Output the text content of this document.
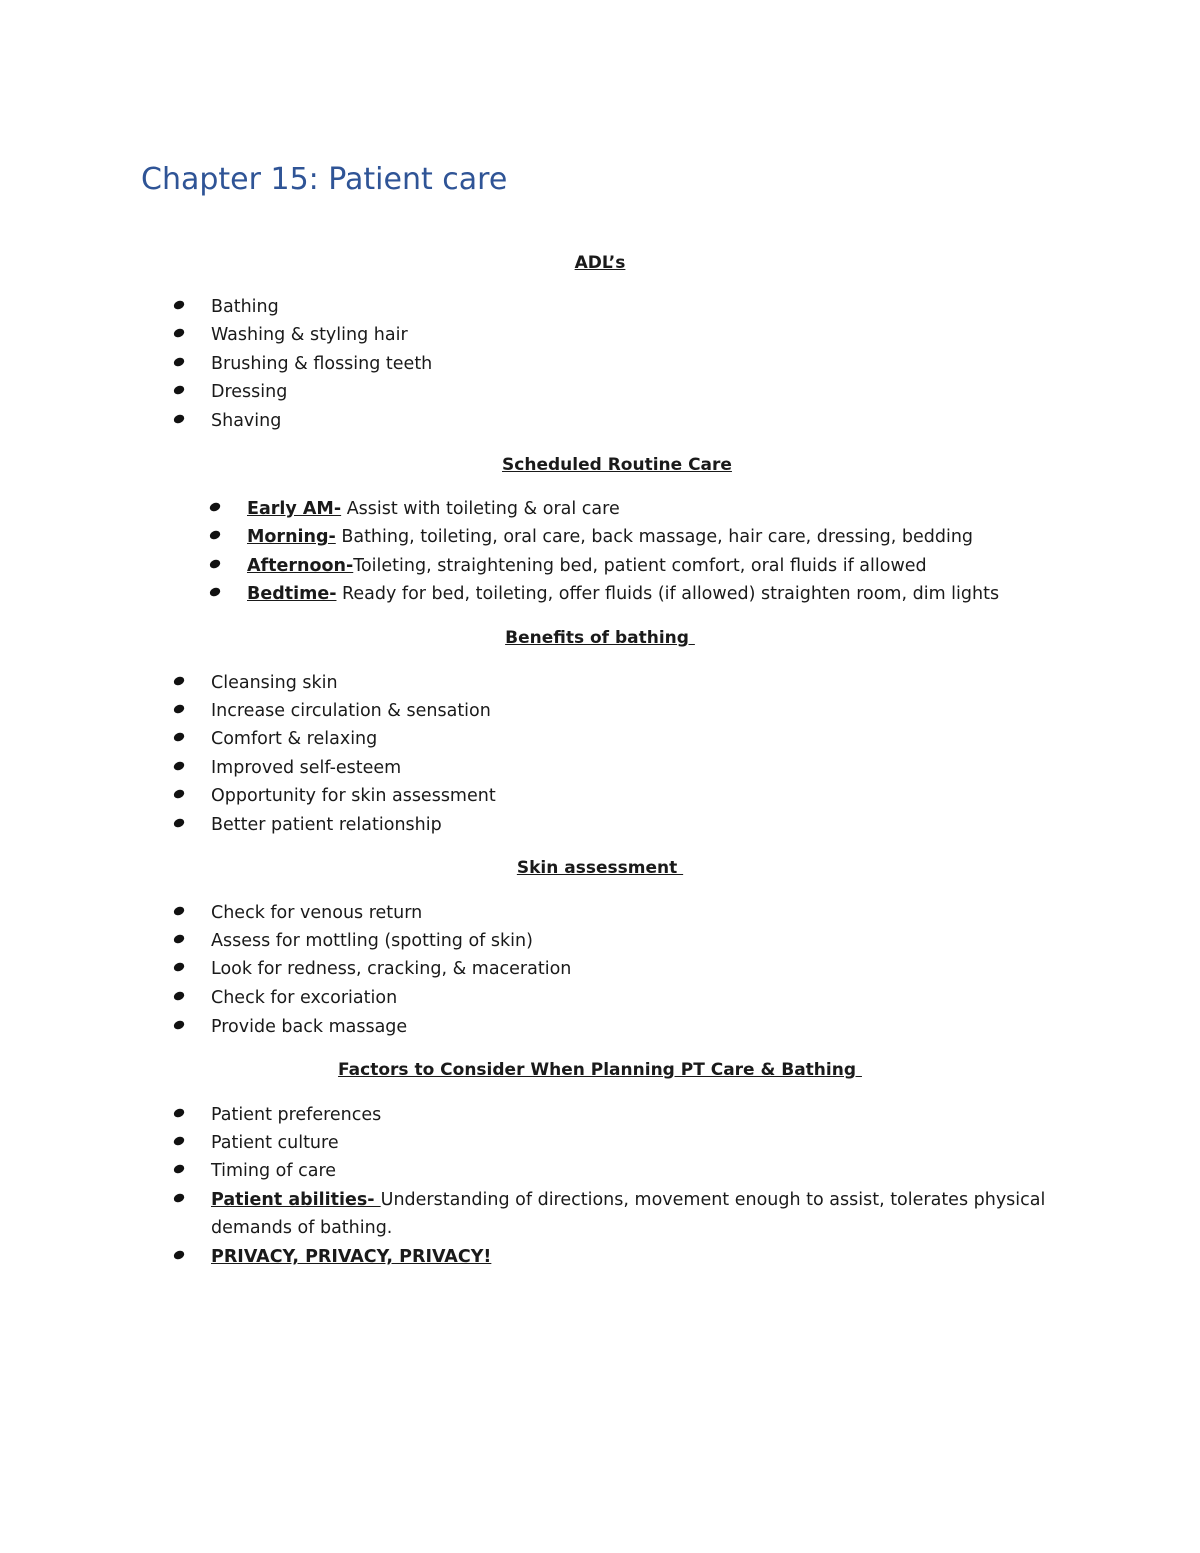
Chapter 15: Patient care
ADL’s
Bathing
Washing & styling hair
Brushing & flossing teeth
Dressing
Shaving
Scheduled Routine Care
Early AM- Assist with toileting & oral care
Morning- Bathing, toileting, oral care, back massage, hair care, dressing, bedding
Afternoon-Toileting, straightening bed, patient comfort, oral fluids if allowed
Bedtime- Ready for bed, toileting, offer fluids (if allowed) straighten room, dim lights
Benefits of bathing
Cleansing skin
Increase circulation & sensation
Comfort & relaxing
Improved self-esteem
Opportunity for skin assessment
Better patient relationship
Skin assessment
Check for venous return
Assess for mottling (spotting of skin)
Look for redness, cracking, & maceration
Check for excoriation
Provide back massage
Factors to Consider When Planning PT Care & Bathing
Patient preferences
Patient culture
Timing of care
Patient abilities- Understanding of directions, movement enough to assist, tolerates physical
demands of bathing.
PRIVACY, PRIVACY, PRIVACY!
